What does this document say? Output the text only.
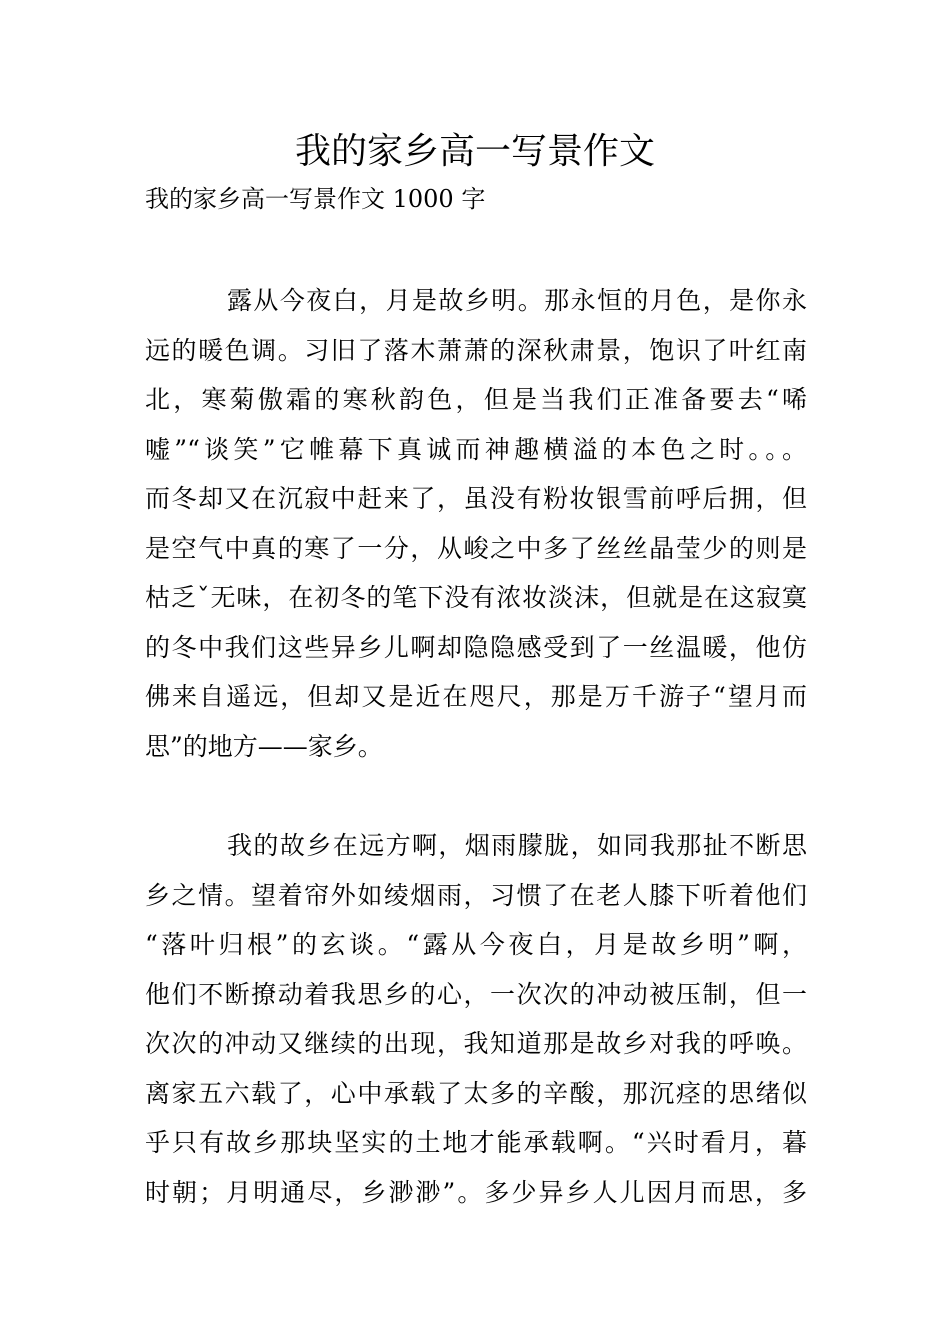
我的家乡高一写景作文

我的家乡高一写景作文 1000 字

露从今夜白，月是故乡明。那永恒的月色，是你永
远的暖色调。习旧了落木萧萧的深秋肃景，饱识了叶红南
北，寒菊傲霜的寒秋韵色，但是当我们正准备要去“唏
嘘”“谈笑”它帷幕下真诚而神趣横溢的本色之时。。。
而冬却又在沉寂中赶来了，虽没有粉妆银雪前呼后拥，但
是空气中真的寒了一分，从峻之中多了丝丝晶莹少的则是
枯乏ˇ无味，在初冬的笔下没有浓妆淡沫，但就是在这寂寞
的冬中我们这些异乡儿啊却隐隐感受到了一丝温暖，他仿
佛来自遥远，但却又是近在咫尺，那是万千游子“望月而
思”的地方——家乡。
我的故乡在远方啊，烟雨朦胧，如同我那扯不断思
乡之情。望着帘外如绫烟雨，习惯了在老人膝下听着他们
“落叶归根”的玄谈。“露从今夜白，月是故乡明”啊，
他们不断撩动着我思乡的心，一次次的冲动被压制，但一
次次的冲动又继续的出现，我知道那是故乡对我的呼唤。
离家五六载了，心中承载了太多的辛酸，那沉痉的思绪似
乎只有故乡那块坚实的土地才能承载啊。“兴时看月，暮
时朝；月明通尽，乡渺渺”。多少异乡人儿因月而思，多
